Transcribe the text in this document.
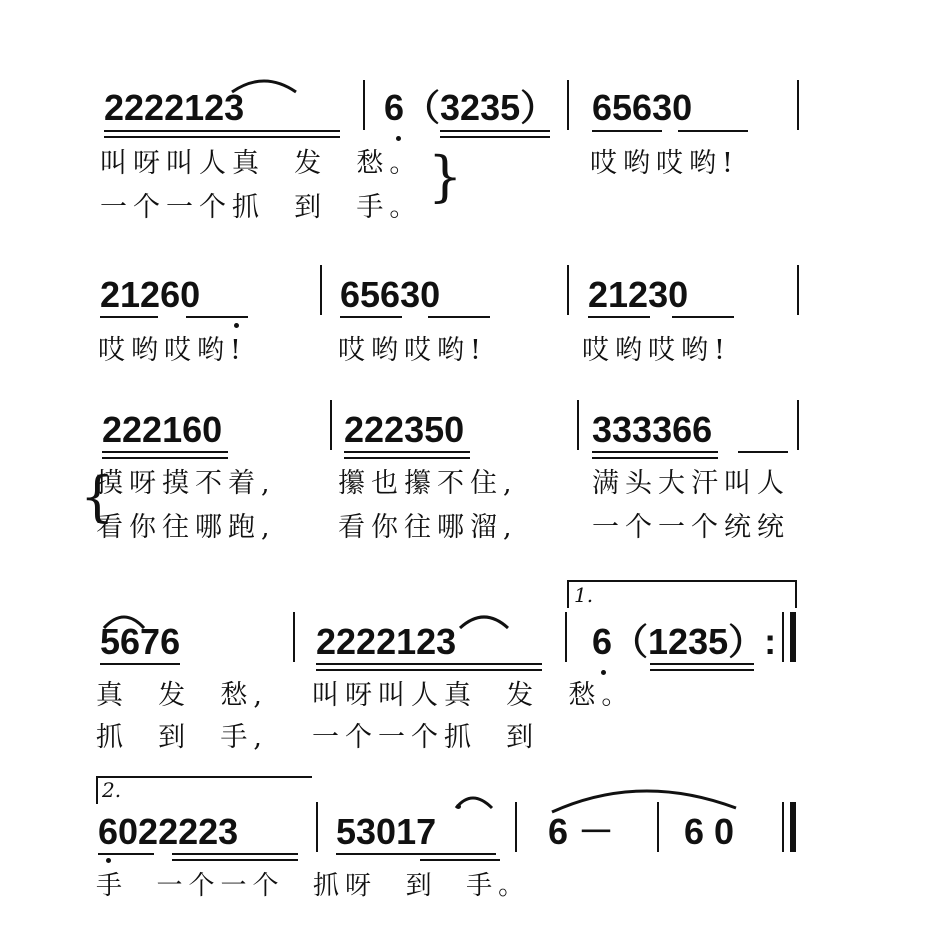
2222123	6（3235） 65630
叫呀叫人真  发  愁。	哎哟哎哟!
一个一个抓  到  手。 }
21260	65630	21230
哎哟哎哟!	哎哟哎哟!	哎哟哎哟!
222160	222350	333366
摸呀摸不着, 攥也攥不住,	满头大汗叫人
看你往哪跑, 看你往哪溜,	一个一个统统
}
5676	2222123	6（1235）:
1.
真  发  愁, 叫呀叫人真  发  愁。
抓  到  手, 一个一个抓  到
2.
6022223	53017	6 － 6 0
手  一个一个  抓呀  到  手。
